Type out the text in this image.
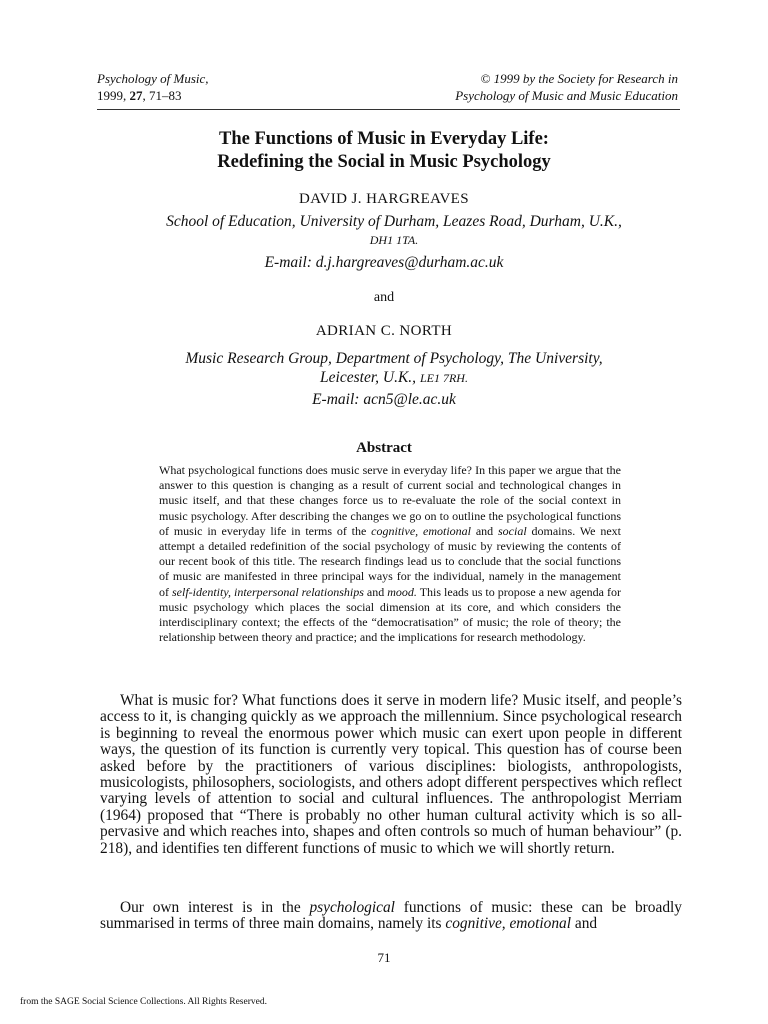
Psychology of Music,
1999, 27, 71–83
© 1999 by the Society for Research in
Psychology of Music and Music Education
The Functions of Music in Everyday Life:
Redefining the Social in Music Psychology
DAVID J. HARGREAVES
School of Education, University of Durham, Leazes Road, Durham, U.K.,
DH1 1TA.
E-mail: d.j.hargreaves@durham.ac.uk
and
ADRIAN C. NORTH
Music Research Group, Department of Psychology, The University,
Leicester, U.K., LE1 7RH.
E-mail: acn5@le.ac.uk
Abstract

What psychological functions does music serve in everyday life? In this paper we argue that the answer to this question is changing as a result of current social and technological changes in music itself, and that these changes force us to re-evaluate the role of the social context in music psychology. After describing the changes we go on to outline the psychological functions of music in everyday life in terms of the cognitive, emotional and social domains. We next attempt a detailed redefinition of the social psychology of music by reviewing the contents of our recent book of this title. The research findings lead us to conclude that the social functions of music are manifested in three principal ways for the individual, namely in the management of self-identity, interpersonal relationships and mood. This leads us to propose a new agenda for music psychology which places the social dimension at its core, and which considers the interdisciplinary context; the effects of the “democratisation” of music; the role of theory; the relationship between theory and practice; and the implications for research methodology.

What is music for? What functions does it serve in modern life? Music itself, and people’s access to it, is changing quickly as we approach the millennium. Since psychological research is beginning to reveal the enormous power which music can exert upon people in different ways, the question of its function is currently very topical. This question has of course been asked before by the practitioners of various disciplines: biologists, anthropologists, musicologists, philosophers, sociologists, and others adopt different perspectives which reflect varying levels of attention to social and cultural influences. The anthropologist Merriam (1964) proposed that “There is probably no other human cultural activity which is so all-pervasive and which reaches into, shapes and often controls so much of human behaviour” (p. 218), and identifies ten different functions of music to which we will shortly return.

Our own interest is in the psychological functions of music: these can be broadly summarised in terms of three main domains, namely its cognitive, emotional and

71
from the SAGE Social Science Collections. All Rights Reserved.
